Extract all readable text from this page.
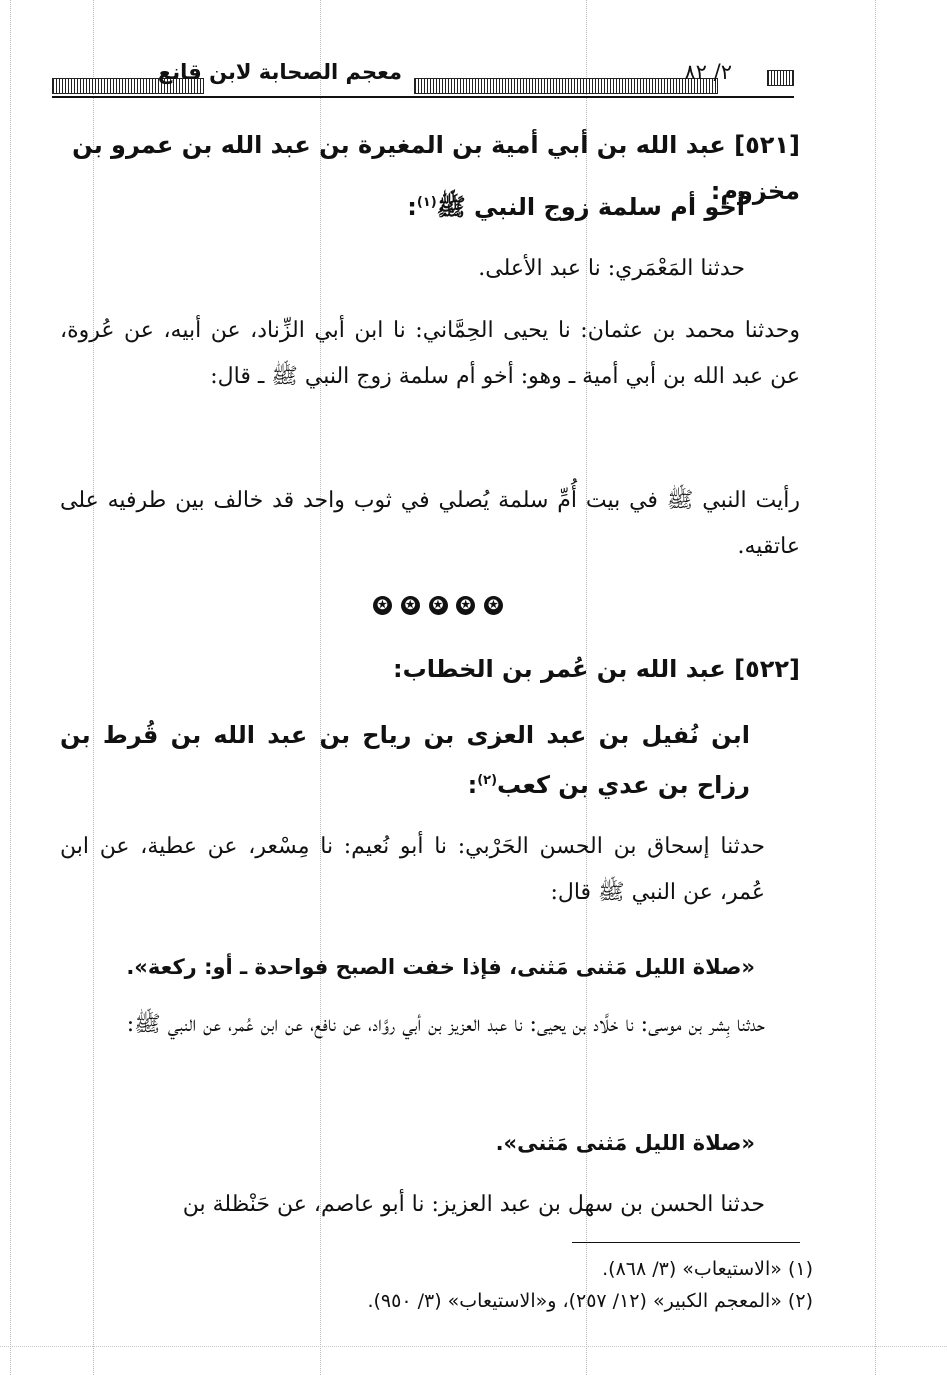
معجم الصحابة لابن قانع	٢/ ٨٢
[٥٢١] عبد الله بن أبي أمية بن المغيرة بن عبد الله بن عمرو بن مخزوم:
أخو أم سلمة زوج النبي ﷺ$^{(١)}$:
حدثنا المَعْمَري: نا عبد الأعلى.
وحدثنا محمد بن عثمان: نا يحيى الحِمَّاني: نا ابن أبي الزِّناد، عن أبيه، عن عُروة، عن عبد الله بن أبي أمية ـ وهو: أخو أم سلمة زوج النبي ﷺ ـ قال:
رأيت النبي ﷺ في بيت أُمِّ سلمة يُصلي في ثوب واحد قد خالف بين طرفيه على عاتقيه.
✪	✪	✪	✪	✪
[٥٢٢] عبد الله بن عُمر بن الخطاب:
ابن نُفيل بن عبد العزى بن رياح بن عبد الله بن قُرط بن رزاح بن عدي بن كعب$^{(٢)}$:
حدثنا إسحاق بن الحسن الحَرْبي: نا أبو نُعيم: نا مِسْعر، عن عطية، عن ابن عُمر، عن النبي ﷺ قال:
«صلاة الليل مَثنى مَثنى، فإذا خفت الصبح فواحدة ـ أو: ركعة».
حدثنا بِشر بن موسى: نا خلَّاد بن يحيى: نا عبد العزيز بن أبي روَّاد، عن نافع، عن ابن عُمر، عن النبي ﷺ:
«صلاة الليل مَثنى مَثنى».
حدثنا الحسن بن سهل بن عبد العزيز: نا أبو عاصم، عن حَنْظلة بن
(١) «الاستيعاب» (٣/ ٨٦٨).
(٢) «المعجم الكبير» (١٢/ ٢٥٧)، و«الاستيعاب» (٣/ ٩٥٠).
